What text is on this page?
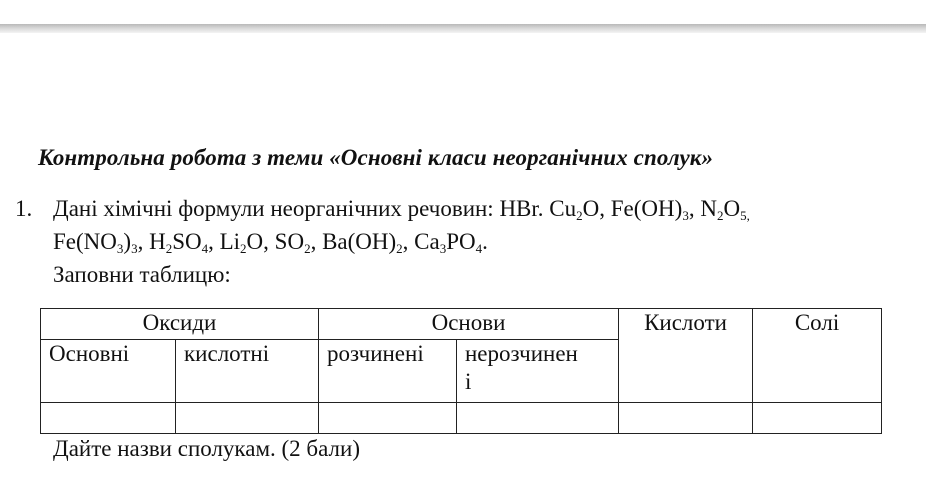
Контрольна робота з теми «Основні класи неорганічних сполук»
1. Дані хімічні формули неорганічних речовин: HBr. $Cu_2O$, $Fe(OH)_3$, $N_2O_{5,}$
$Fe(NO_3)_3$, $H_2SO_4$, $Li_2O$, $SO_2$, $Ba(OH)_2$, $Ca_3PO_4$.
Заповни таблицю:
Оксиди		Основи		Кислоти	Солі
Основні	кислотні	розчинені	нерозчинен
і		

Дайте назви сполукам. (2 бали)
